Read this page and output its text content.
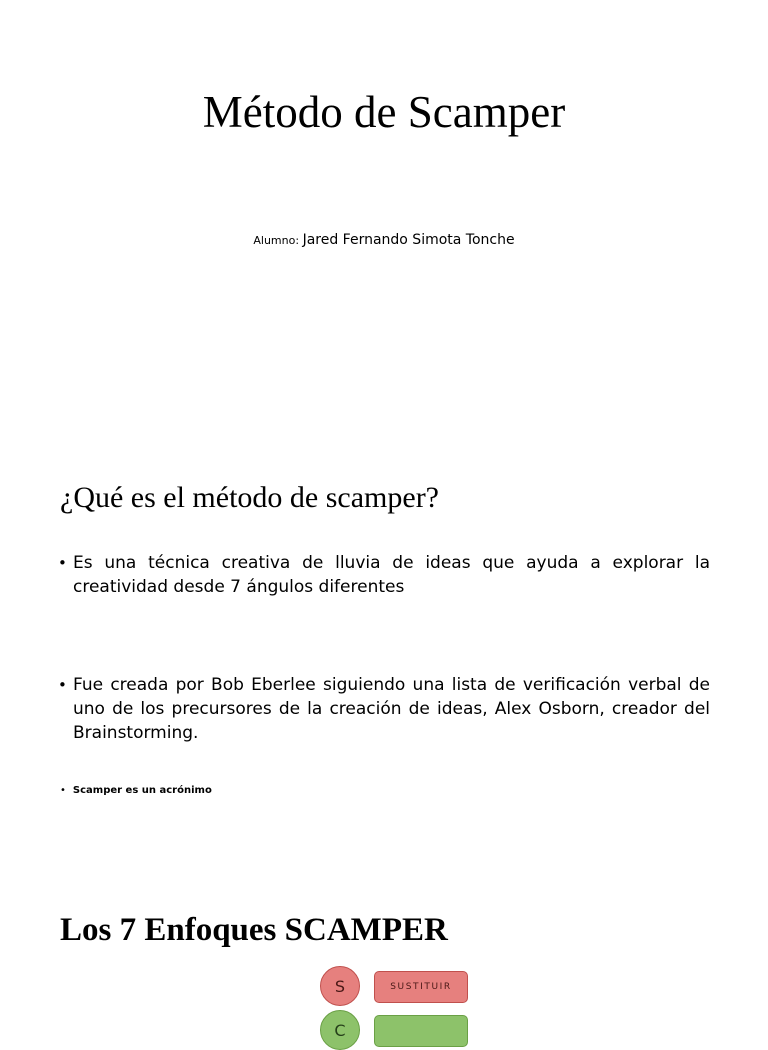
Método de Scamper
Alumno: Jared Fernando Simota Tonche
¿Qué es el método de scamper?
• Es una técnica creativa de lluvia de ideas que ayuda a explorar la creatividad desde 7 ángulos diferentes
• Fue creada por Bob Eberlee siguiendo una lista de verificación verbal de uno de los precursores de la creación de ideas, Alex Osborn, creador del Brainstorming.
• Scamper es un acrónimo
Los 7 Enfoques SCAMPER
S	SUSTITUIR
C
